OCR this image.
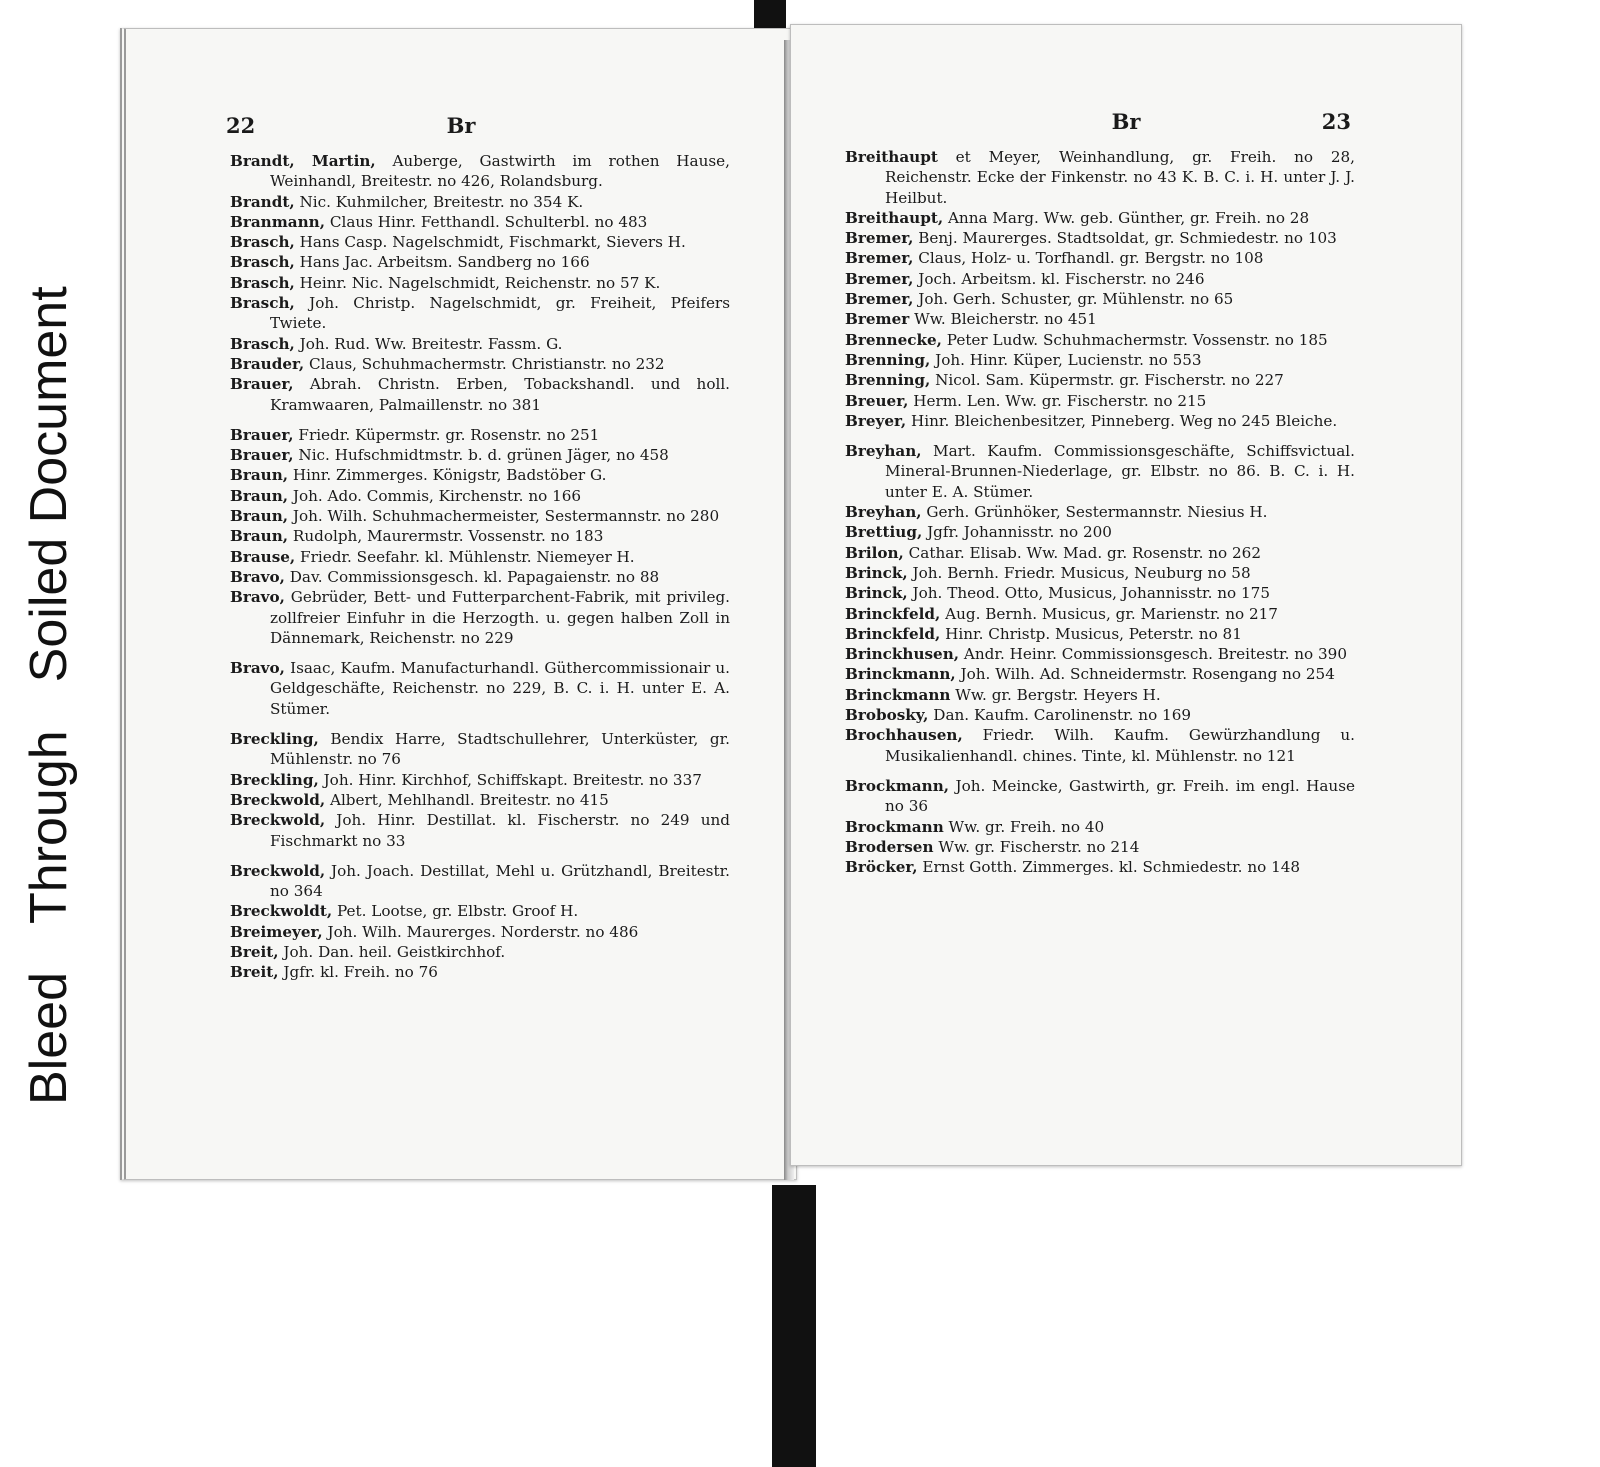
Bleed
Through
Soiled Document
22	Br
Brandt, Martin, Auberge, Gastwirth im rothen Hause, Weinhandl, Breitestr. no 426, Rolandsburg.
Brandt, Nic. Kuhmilcher, Breitestr. no 354 K.
Branmann, Claus Hinr. Fetthandl. Schulterbl. no 483
Brasch, Hans Casp. Nagelschmidt, Fischmarkt, Sievers H.
Brasch, Hans Jac. Arbeitsm. Sandberg no 166
Brasch, Heinr. Nic. Nagelschmidt, Reichenstr. no 57 K.
Brasch, Joh. Christp. Nagelschmidt, gr. Freiheit, Pfeifers Twiete.
Brasch, Joh. Rud. Ww. Breitestr. Fassm. G.
Brauder, Claus, Schuhmachermstr. Christianstr. no 232
Brauer, Abrah. Christn. Erben, Tobackshandl. und holl. Kramwaaren, Palmaillenstr. no 381
Brauer, Friedr. Küpermstr. gr. Rosenstr. no 251
Brauer, Nic. Hufschmidtmstr. b. d. grünen Jäger, no 458
Braun, Hinr. Zimmerges. Königstr, Badstöber G.
Braun, Joh. Ado. Commis, Kirchenstr. no 166
Braun, Joh. Wilh. Schuhmachermeister, Sestermannstr. no 280
Braun, Rudolph, Maurermstr. Vossenstr. no 183
Brause, Friedr. Seefahr. kl. Mühlenstr. Niemeyer H.
Bravo, Dav. Commissionsgesch. kl. Papagaienstr. no 88
Bravo, Gebrüder, Bett- und Futterparchent-Fabrik, mit privileg. zollfreier Einfuhr in die Herzogth. u. gegen halben Zoll in Dännemark, Reichenstr. no 229
Bravo, Isaac, Kaufm. Manufacturhandl. Güthercommissionair u. Geldgeschäfte, Reichenstr. no 229, B. C. i. H. unter E. A. Stümer.
Breckling, Bendix Harre, Stadtschullehrer, Unterküster, gr. Mühlenstr. no 76
Breckling, Joh. Hinr. Kirchhof, Schiffskapt. Breitestr. no 337
Breckwold, Albert, Mehlhandl. Breitestr. no 415
Breckwold, Joh. Hinr. Destillat. kl. Fischerstr. no 249 und Fischmarkt no 33
Breckwold, Joh. Joach. Destillat, Mehl u. Grützhandl, Breitestr. no 364
Breckwoldt, Pet. Lootse, gr. Elbstr. Groof H.
Breimeyer, Joh. Wilh. Maurerges. Norderstr. no 486
Breit, Joh. Dan. heil. Geistkirchhof.
Breit, Jgfr. kl. Freih. no 76
Br	23
Breithaupt et Meyer, Weinhandlung, gr. Freih. no 28, Reichenstr. Ecke der Finkenstr. no 43 K. B. C. i. H. unter J. J. Heilbut.
Breithaupt, Anna Marg. Ww. geb. Günther, gr. Freih. no 28
Bremer, Benj. Maurerges. Stadtsoldat, gr. Schmiedestr. no 103
Bremer, Claus, Holz- u. Torfhandl. gr. Bergstr. no 108
Bremer, Joch. Arbeitsm. kl. Fischerstr. no 246
Bremer, Joh. Gerh. Schuster, gr. Mühlenstr. no 65
Bremer Ww. Bleicherstr. no 451
Brennecke, Peter Ludw. Schuhmachermstr. Vossenstr. no 185
Brenning, Joh. Hinr. Küper, Lucienstr. no 553
Brenning, Nicol. Sam. Küpermstr. gr. Fischerstr. no 227
Breuer, Herm. Len. Ww. gr. Fischerstr. no 215
Breyer, Hinr. Bleichenbesitzer, Pinneberg. Weg no 245 Bleiche.
Breyhan, Mart. Kaufm. Commissionsgeschäfte, Schiffsvictual. Mineral-Brunnen-Niederlage, gr. Elbstr. no 86. B. C. i. H. unter E. A. Stümer.
Breyhan, Gerh. Grünhöker, Sestermannstr. Niesius H.
Brettiug, Jgfr. Johannisstr. no 200
Brilon, Cathar. Elisab. Ww. Mad. gr. Rosenstr. no 262
Brinck, Joh. Bernh. Friedr. Musicus, Neuburg no 58
Brinck, Joh. Theod. Otto, Musicus, Johannisstr. no 175
Brinckfeld, Aug. Bernh. Musicus, gr. Marienstr. no 217
Brinckfeld, Hinr. Christp. Musicus, Peterstr. no 81
Brinckhusen, Andr. Heinr. Commissionsgesch. Breitestr. no 390
Brinckmann, Joh. Wilh. Ad. Schneidermstr. Rosengang no 254
Brinckmann Ww. gr. Bergstr. Heyers H.
Brobosky, Dan. Kaufm. Carolinenstr. no 169
Brochhausen, Friedr. Wilh. Kaufm. Gewürzhandlung u. Musikalienhandl. chines. Tinte, kl. Mühlenstr. no 121
Brockmann, Joh. Meincke, Gastwirth, gr. Freih. im engl. Hause no 36
Brockmann Ww. gr. Freih. no 40
Brodersen Ww. gr. Fischerstr. no 214
Bröcker, Ernst Gotth. Zimmerges. kl. Schmiedestr. no 148
